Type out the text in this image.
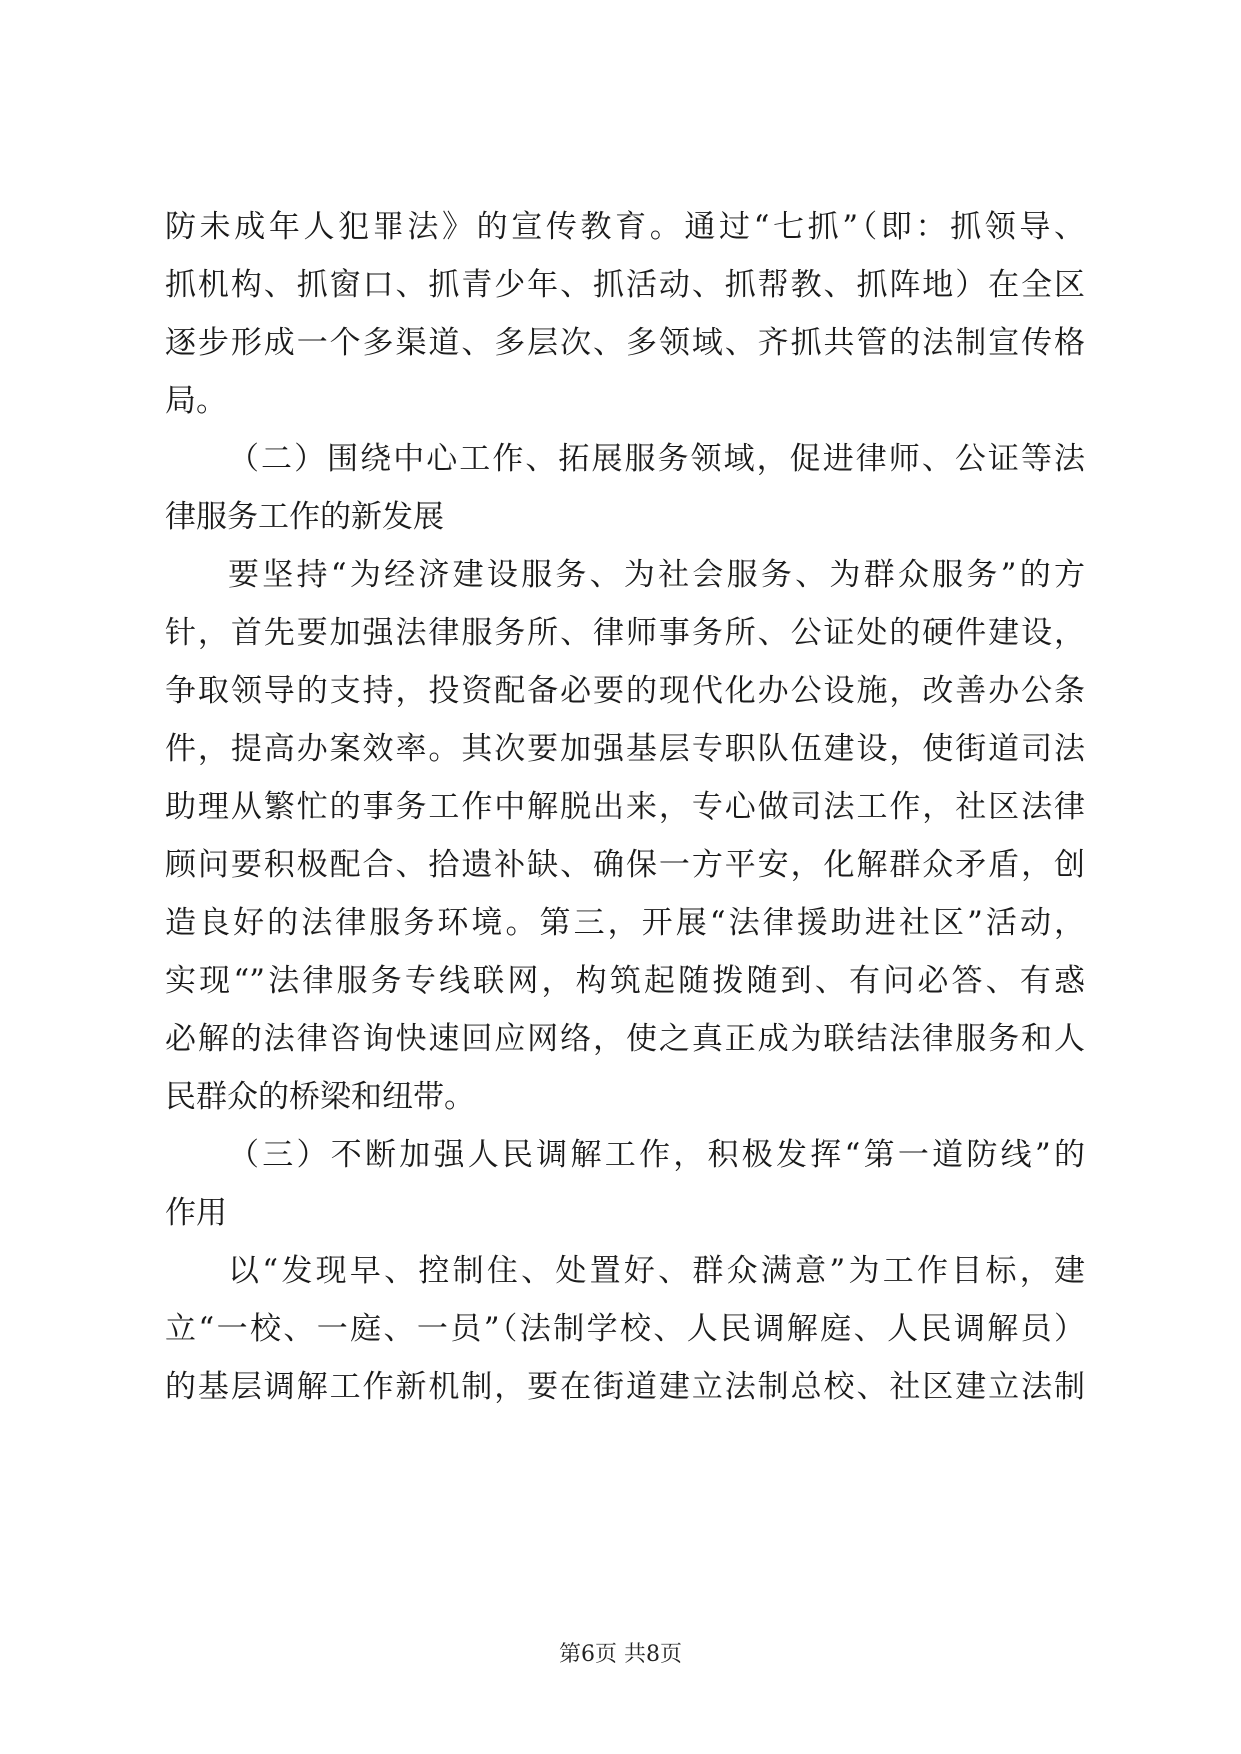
防未成年人犯罪法》的宣传教育。通过“七抓”（即：抓领导、
抓机构、抓窗口、抓青少年、抓活动、抓帮教、抓阵地）在全区
逐步形成一个多渠道、多层次、多领域、齐抓共管的法制宣传格
局。
（二）围绕中心工作、拓展服务领域，促进律师、公证等法
律服务工作的新发展
要坚持“为经济建设服务、为社会服务、为群众服务”的方
针，首先要加强法律服务所、律师事务所、公证处的硬件建设，
争取领导的支持，投资配备必要的现代化办公设施，改善办公条
件，提高办案效率。其次要加强基层专职队伍建设，使街道司法
助理从繁忙的事务工作中解脱出来，专心做司法工作，社区法律
顾问要积极配合、拾遗补缺、确保一方平安，化解群众矛盾，创
造良好的法律服务环境。第三，开展“法律援助进社区”活动，
实现“”法律服务专线联网，构筑起随拨随到、有问必答、有惑
必解的法律咨询快速回应网络，使之真正成为联结法律服务和人
民群众的桥梁和纽带。
（三）不断加强人民调解工作，积极发挥“第一道防线”的
作用
以“发现早、控制住、处置好、群众满意”为工作目标，建
立“一校、一庭、一员”（法制学校、人民调解庭、人民调解员）
的基层调解工作新机制，要在街道建立法制总校、社区建立法制
第6页 共8页
